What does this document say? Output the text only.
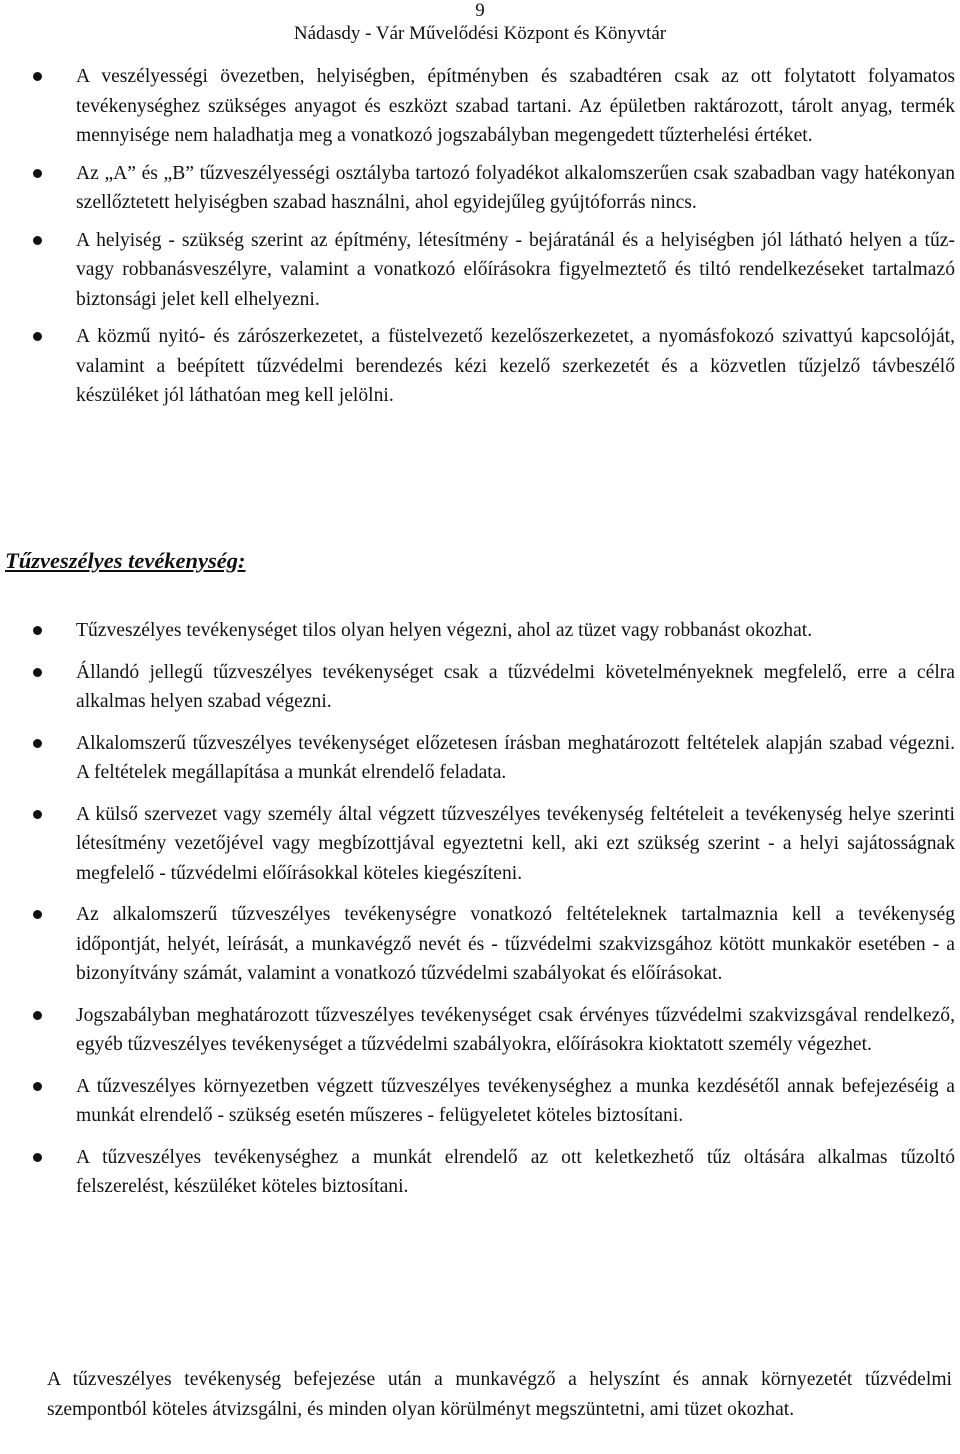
9
Nádasdy - Vár Művelődési Központ és Könyvtár
A veszélyességi övezetben, helyiségben, építményben és szabadtéren csak az ott folytatott folyamatos tevékenységhez szükséges anyagot és eszközt szabad tartani. Az épületben raktározott, tárolt anyag, termék mennyisége nem haladhatja meg a vonatkozó jogszabályban megengedett tűzterhelési értéket.
Az „A” és „B” tűzveszélyességi osztályba tartozó folyadékot alkalomszerűen csak szabadban vagy hatékonyan szellőztetett helyiségben szabad használni, ahol egyidejűleg gyújtóforrás nincs.
A helyiség - szükség szerint az építmény, létesítmény - bejáratánál és a helyiségben jól látható helyen a tűz- vagy robbanásveszélyre, valamint a vonatkozó előírásokra figyelmeztető és tiltó rendelkezéseket tartalmazó biztonsági jelet kell elhelyezni.
A közmű nyitó- és zárószerkezetet, a füstelvezető kezelőszerkezetet, a nyomásfokozó szivattyú kapcsolóját, valamint a beépített tűzvédelmi berendezés kézi kezelő szerkezetét és a közvetlen tűzjelző távbeszélő készüléket jól láthatóan meg kell jelölni.
Tűzveszélyes tevékenység:
Tűzveszélyes tevékenységet tilos olyan helyen végezni, ahol az tüzet vagy robbanást okozhat.
Állandó jellegű tűzveszélyes tevékenységet csak a tűzvédelmi követelményeknek megfelelő, erre a célra alkalmas helyen szabad végezni.
Alkalomszerű tűzveszélyes tevékenységet előzetesen írásban meghatározott feltételek alapján szabad végezni. A feltételek megállapítása a munkát elrendelő feladata.
A külső szervezet vagy személy által végzett tűzveszélyes tevékenység feltételeit a tevékenység helye szerinti létesítmény vezetőjével vagy megbízottjával egyeztetni kell, aki ezt szükség szerint - a helyi sajátosságnak megfelelő - tűzvédelmi előírásokkal köteles kiegészíteni.
Az alkalomszerű tűzveszélyes tevékenységre vonatkozó feltételeknek tartalmaznia kell a tevékenység időpontját, helyét, leírását, a munkavégző nevét és - tűzvédelmi szakvizsgához kötött munkakör esetében - a bizonyítvány számát, valamint a vonatkozó tűzvédelmi szabályokat és előírásokat.
Jogszabályban meghatározott tűzveszélyes tevékenységet csak érvényes tűzvédelmi szakvizsgával rendelkező, egyéb tűzveszélyes tevékenységet a tűzvédelmi szabályokra, előírásokra kioktatott személy végezhet.
A tűzveszélyes környezetben végzett tűzveszélyes tevékenységhez a munka kezdésétől annak befejezéséig a munkát elrendelő - szükség esetén műszeres - felügyeletet köteles biztosítani.
A tűzveszélyes tevékenységhez a munkát elrendelő az ott keletkezhető tűz oltására alkalmas tűzoltó felszerelést, készüléket köteles biztosítani.
A tűzveszélyes tevékenység befejezése után a munkavégző a helyszínt és annak környezetét tűzvédelmi szempontból köteles átvizsgálni, és minden olyan körülményt megszüntetni, ami tüzet okozhat.
